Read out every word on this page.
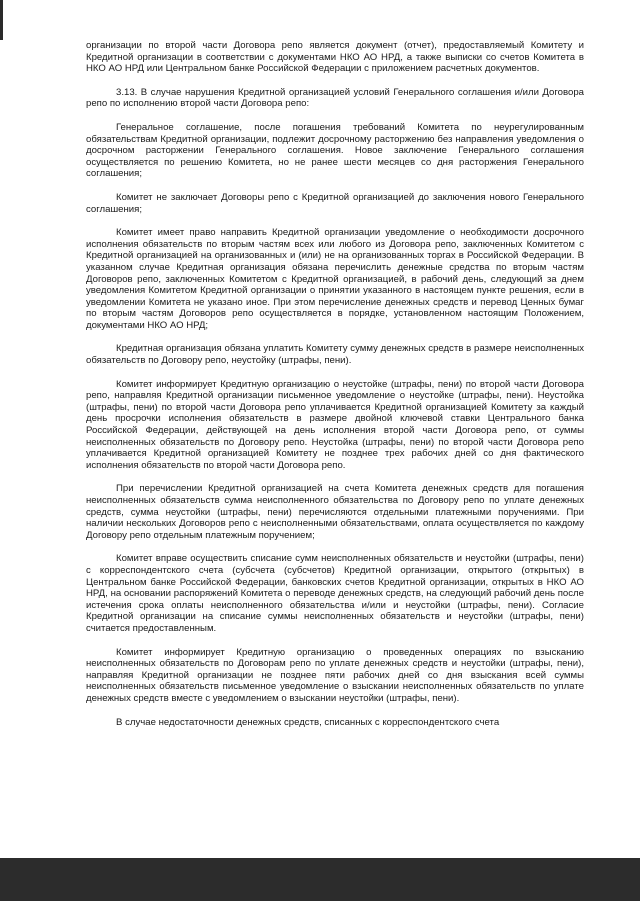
организации по второй части Договора репо является документ (отчет), предоставляемый Комитету и Кредитной организации в соответствии с документами НКО АО НРД, а также выписки со счетов Комитета в НКО АО НРД или Центральном банке Российской Федерации с приложением расчетных документов.

3.13. В случае нарушения Кредитной организацией условий Генерального соглашения и/или Договора репо по исполнению второй части Договора репо:

Генеральное соглашение, после погашения требований Комитета по неурегулированным обязательствам Кредитной организации, подлежит досрочному расторжению без направления уведомления о досрочном расторжении Генерального соглашения. Новое заключение Генерального соглашения осуществляется по решению Комитета, но не ранее шести месяцев со дня расторжения Генерального соглашения;

Комитет не заключает Договоры репо с Кредитной организацией до заключения нового Генерального соглашения;

Комитет имеет право направить Кредитной организации уведомление о необходимости досрочного исполнения обязательств по вторым частям всех или любого из Договора репо, заключенных Комитетом с Кредитной организацией на организованных и (или) не на организованных торгах в Российской Федерации. В указанном случае Кредитная организация обязана перечислить денежные средства по вторым частям Договоров репо, заключенных Комитетом с Кредитной организацией, в рабочий день, следующий за днем уведомления Комитетом Кредитной организации о принятии указанного в настоящем пункте решения, если в уведомлении Комитета не указано иное. При этом перечисление денежных средств и перевод Ценных бумаг по вторым частям Договоров репо осуществляется в порядке, установленном настоящим Положением, документами НКО АО НРД;

Кредитная организация обязана уплатить Комитету сумму денежных средств в размере неисполненных обязательств по Договору репо, неустойку (штрафы, пени).

Комитет информирует Кредитную организацию о неустойке (штрафы, пени) по второй части Договора репо, направляя Кредитной организации письменное уведомление о неустойке (штрафы, пени). Неустойка (штрафы, пени) по второй части Договора репо уплачивается Кредитной организацией Комитету за каждый день просрочки исполнения обязательств в размере двойной ключевой ставки Центрального банка Российской Федерации, действующей на день исполнения второй части Договора репо, от суммы неисполненных обязательств по Договору репо. Неустойка (штрафы, пени) по второй части Договора репо уплачивается Кредитной организацией Комитету не позднее трех рабочих дней со дня фактического исполнения обязательств по второй части Договора репо.

При перечислении Кредитной организацией на счета Комитета денежных средств для погашения неисполненных обязательств сумма неисполненного обязательства по Договору репо по уплате денежных средств, сумма неустойки (штрафы, пени) перечисляются отдельными платежными поручениями. При наличии нескольких Договоров репо с неисполненными обязательствами, оплата осуществляется по каждому Договору репо отдельным платежным поручением;

Комитет вправе осуществить списание сумм неисполненных обязательств и неустойки (штрафы, пени) с корреспондентского счета (субсчета (субсчетов) Кредитной организации, открытого (открытых) в Центральном банке Российской Федерации, банковских счетов Кредитной организации, открытых в НКО АО НРД, на основании распоряжений Комитета о переводе денежных средств, на следующий рабочий день после истечения срока оплаты неисполненного обязательства и/или и неустойки (штрафы, пени). Согласие Кредитной организации на списание суммы неисполненных обязательств и неустойки (штрафы, пени) считается предоставленным.

Комитет информирует Кредитную организацию о проведенных операциях по взысканию неисполненных обязательств по Договорам репо по уплате денежных средств и неустойки (штрафы, пени), направляя Кредитной организации не позднее пяти рабочих дней со дня взыскания всей суммы неисполненных обязательств письменное уведомление о взыскании неисполненных обязательств по уплате денежных средств вместе с уведомлением о взыскании неустойки (штрафы, пени).

В случае недостаточности денежных средств, списанных с корреспондентского счета
